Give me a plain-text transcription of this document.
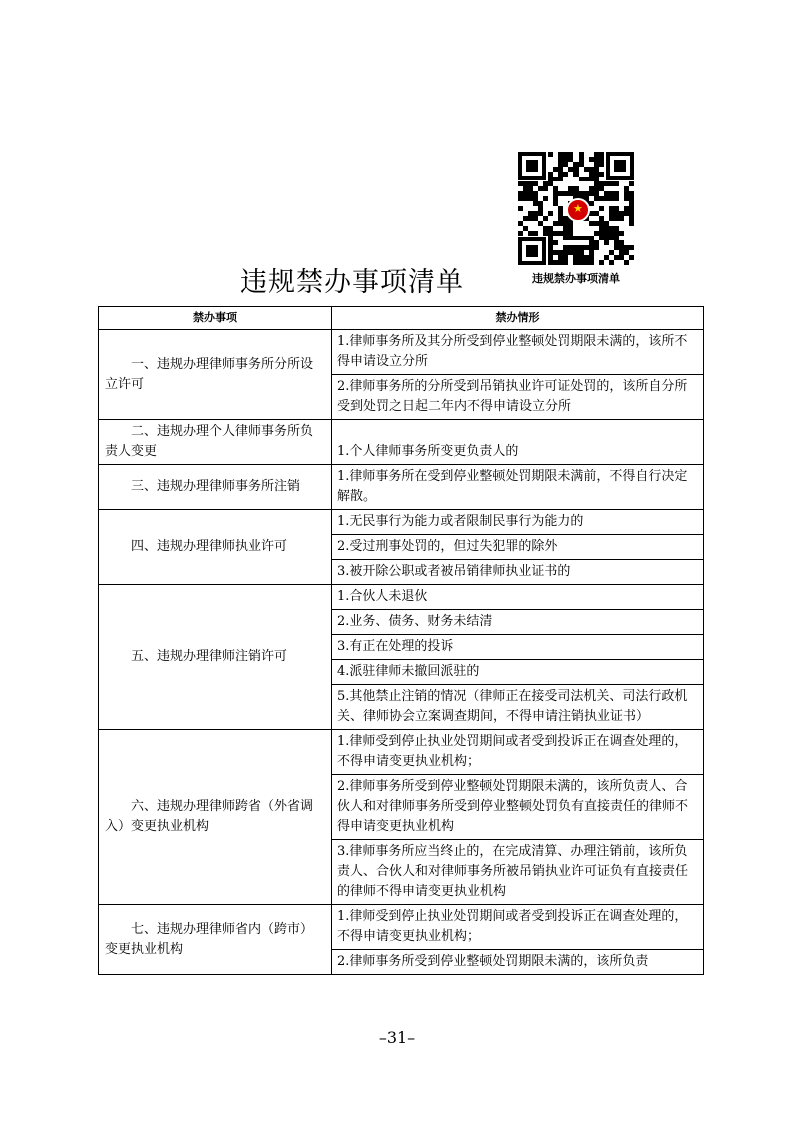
★
违规禁办事项清单
违规禁办事项清单
禁办事项	禁办情形
一、违规办理律师事务所分所设立许可	1.律师事务所及其分所受到停业整顿处罚期限未满的，该所不得申请设立分所
	2.律师事务所的分所受到吊销执业许可证处罚的，该所自分所受到处罚之日起二年内不得申请设立分所
二、违规办理个人律师事务所负责人变更	1.个人律师事务所变更负责人的
三、违规办理律师事务所注销	1.律师事务所在受到停业整顿处罚期限未满前，不得自行决定解散。
四、违规办理律师执业许可	1.无民事行为能力或者限制民事行为能力的
	2.受过刑事处罚的，但过失犯罪的除外
	3.被开除公职或者被吊销律师执业证书的
五、违规办理律师注销许可	1.合伙人未退伙
	2.业务、债务、财务未结清
	3.有正在处理的投诉
	4.派驻律师未撤回派驻的
	5.其他禁止注销的情况（律师正在接受司法机关、司法行政机关、律师协会立案调查期间，不得申请注销执业证书）
六、违规办理律师跨省（外省调入）变更执业机构	1.律师受到停止执业处罚期间或者受到投诉正在调查处理的，不得申请变更执业机构；
	2.律师事务所受到停业整顿处罚期限未满的，该所负责人、合伙人和对律师事务所受到停业整顿处罚负有直接责任的律师不得申请变更执业机构
	3.律师事务所应当终止的，在完成清算、办理注销前，该所负责人、合伙人和对律师事务所被吊销执业许可证负有直接责任的律师不得申请变更执业机构
七、违规办理律师省内（跨市）变更执业机构	1.律师受到停止执业处罚期间或者受到投诉正在调查处理的，不得申请变更执业机构；
	2.律师事务所受到停业整顿处罚期限未满的，该所负责
–31–
